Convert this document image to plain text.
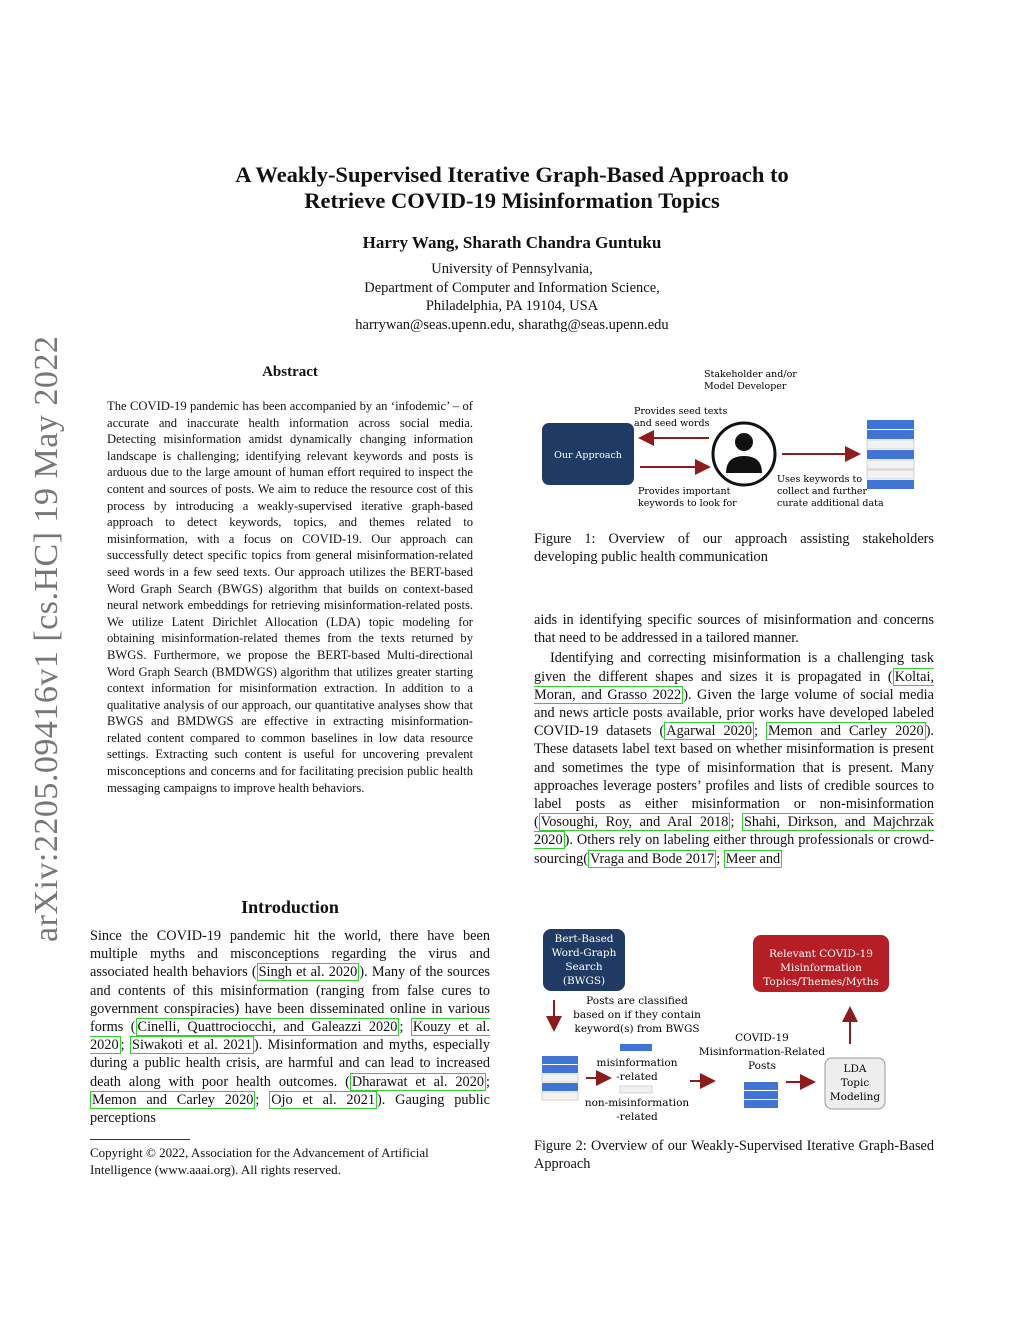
arXiv:2205.09416v1 [cs.HC] 19 May 2022
A Weakly-Supervised Iterative Graph-Based Approach to
Retrieve COVID-19 Misinformation Topics
Harry Wang, Sharath Chandra Guntuku
University of Pennsylvania,
Department of Computer and Information Science,
Philadelphia, PA 19104, USA
harrywan@seas.upenn.edu, sharathg@seas.upenn.edu
Abstract
The COVID-19 pandemic has been accompanied by an ‘infodemic’ – of accurate and inaccurate health information across social media. Detecting misinformation amidst dynamically changing information landscape is challenging; identifying relevant keywords and posts is arduous due to the large amount of human effort required to inspect the content and sources of posts. We aim to reduce the resource cost of this process by introducing a weakly-supervised iterative graph-based approach to detect keywords, topics, and themes related to misinformation, with a focus on COVID-19. Our approach can successfully detect specific topics from general misinformation-related seed words in a few seed texts. Our approach utilizes the BERT-based Word Graph Search (BWGS) algorithm that builds on context-based neural network embeddings for retrieving misinformation-related posts. We utilize Latent Dirichlet Allocation (LDA) topic modeling for obtaining misinformation-related themes from the texts returned by BWGS. Furthermore, we propose the BERT-based Multi-directional Word Graph Search (BMDWGS) algorithm that utilizes greater starting context information for misinformation extraction. In addition to a qualitative analysis of our approach, our quantitative analyses show that BWGS and BMDWGS are effective in extracting misinformation-related content compared to common baselines in low data resource settings. Extracting such content is useful for uncovering prevalent misconceptions and concerns and for facilitating precision public health messaging campaigns to improve health behaviors.
Introduction
Since the COVID-19 pandemic hit the world, there have been multiple myths and misconceptions regarding the virus and associated health behaviors ( Singh et al. 2020 ). Many of the sources and contents of this misinformation (ranging from false cures to government conspiracies) have been disseminated online in various forms ( Cinelli, Quattrociocchi, and Galeazzi 2020 ; Kouzy et al. 2020 ; Siwakoti et al. 2021 ). Misinformation and myths, especially during a public health crisis, are harmful and can lead to increased death along with poor health outcomes. ( Dharawat et al. 2020 ; Memon and Carley 2020 ; Ojo et al. 2021 ). Gauging public perceptions
Copyright © 2022, Association for the Advancement of Artificial Intelligence (www.aaai.org). All rights reserved.
Stakeholder and/or
Model Developer
Provides seed texts
and seed words
Our Approach
Provides important
keywords to look for
Uses keywords to
collect and further
curate additional data
Figure 1: Overview of our approach assisting stakeholders developing public health communication

aids in identifying specific sources of misinformation and concerns that need to be addressed in a tailored manner.

Identifying and correcting misinformation is a challenging task given the different shapes and sizes it is propagated in ( Koltai, Moran, and Grasso 2022 ). Given the large volume of social media and news article posts available, prior works have developed labeled COVID-19 datasets ( Agarwal 2020 ; Memon and Carley 2020 ). These datasets label text based on whether misinformation is present and sometimes the type of misinformation that is present. Many approaches leverage posters’ profiles and lists of credible sources to label posts as either misinformation or non-misinformation ( Vosoughi, Roy, and Aral 2018 ; Shahi, Dirkson, and Majchrzak 2020 ). Others rely on labeling either through professionals or crowd-sourcing( Vraga and Bode 2017 ; Meer and

Bert-Based
Word-Graph
Search
(BWGS)
Relevant COVID-19
Misinformation
Topics/Themes/Myths
Posts are classified
based on if they contain
keyword(s) from BWGS
misinformation
-related
non-misinformation
-related
COVID-19
Misinformation-Related
Posts	LDA
Topic
Modeling
Figure 2: Overview of our Weakly-Supervised Iterative Graph-Based Approach
